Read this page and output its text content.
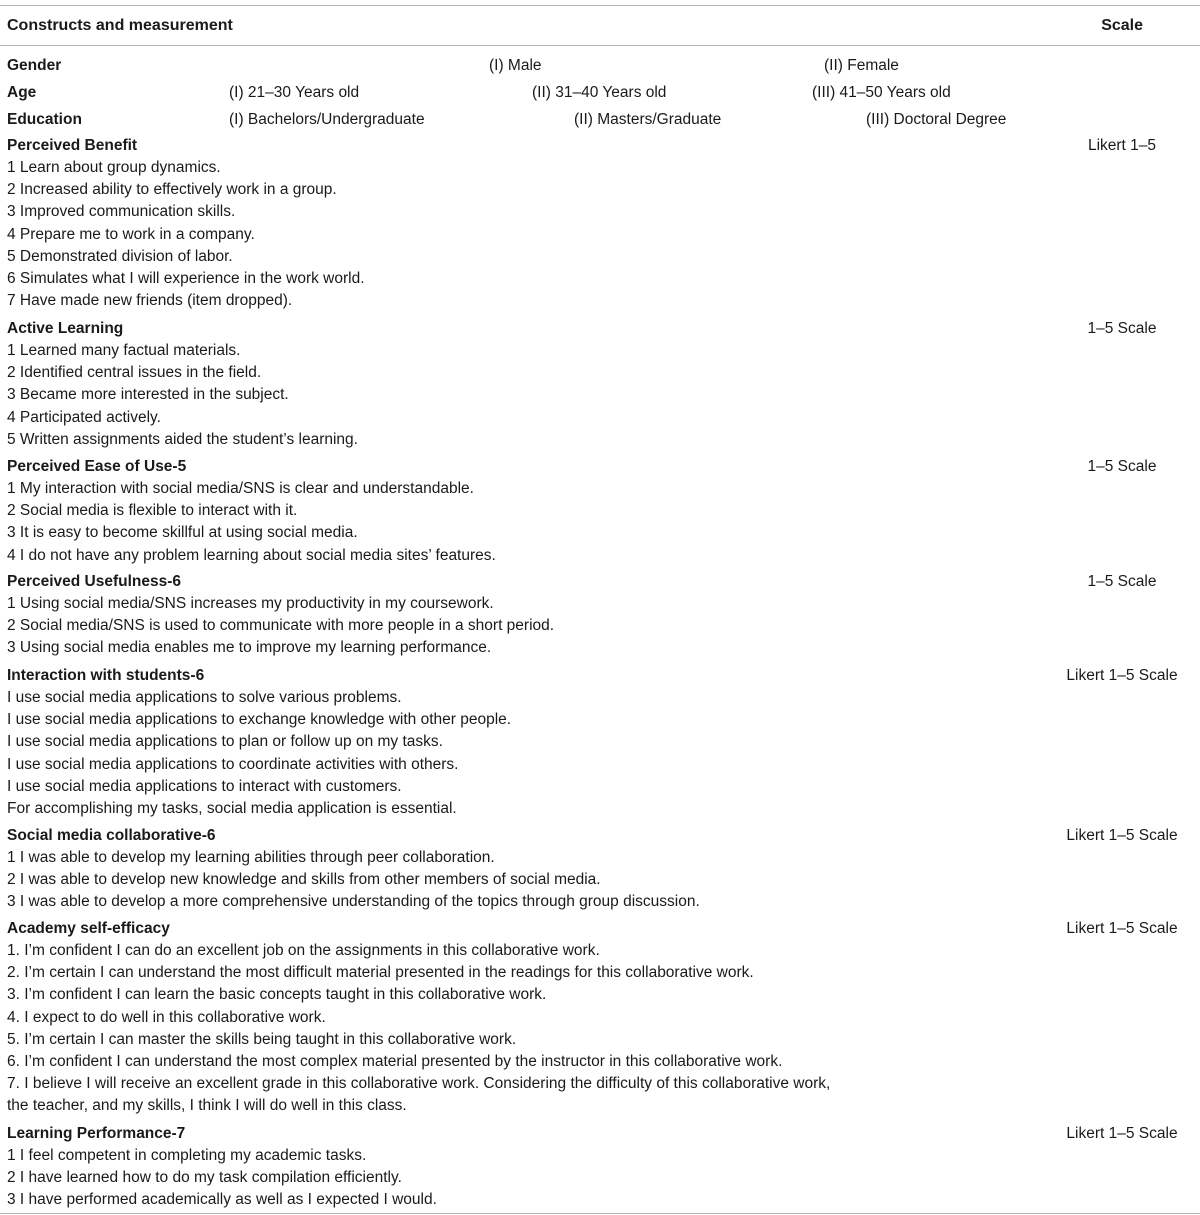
Constructs and measurement	Scale
Gender	(I) Male	(II) Female
Age	(I) 21–30 Years old	(II) 31–40 Years old	(III) 41–50 Years old
Education	(I) Bachelors/Undergraduate	(II) Masters/Graduate	(III) Doctoral Degree
Perceived Benefit	Likert 1–5
1 Learn about group dynamics.
2 Increased ability to effectively work in a group.
3 Improved communication skills.
4 Prepare me to work in a company.
5 Demonstrated division of labor.
6 Simulates what I will experience in the work world.
7 Have made new friends (item dropped).
Active Learning	1–5 Scale
1 Learned many factual materials.
2 Identified central issues in the field.
3 Became more interested in the subject.
4 Participated actively.
5 Written assignments aided the student’s learning.
Perceived Ease of Use-5	1–5 Scale
1 My interaction with social media/SNS is clear and understandable.
2 Social media is flexible to interact with it.
3 It is easy to become skillful at using social media.
4 I do not have any problem learning about social media sites’ features.
Perceived Usefulness-6	1–5 Scale
1 Using social media/SNS increases my productivity in my coursework.
2 Social media/SNS is used to communicate with more people in a short period.
3 Using social media enables me to improve my learning performance.
Interaction with students-6	Likert 1–5 Scale
I use social media applications to solve various problems.
I use social media applications to exchange knowledge with other people.
I use social media applications to plan or follow up on my tasks.
I use social media applications to coordinate activities with others.
I use social media applications to interact with customers.
For accomplishing my tasks, social media application is essential.
Social media collaborative-6	Likert 1–5 Scale
1 I was able to develop my learning abilities through peer collaboration.
2 I was able to develop new knowledge and skills from other members of social media.
3 I was able to develop a more comprehensive understanding of the topics through group discussion.
Academy self-efficacy	Likert 1–5 Scale
1. I’m confident I can do an excellent job on the assignments in this collaborative work.
2. I’m certain I can understand the most difficult material presented in the readings for this collaborative work.
3. I’m confident I can learn the basic concepts taught in this collaborative work.
4. I expect to do well in this collaborative work.
5. I’m certain I can master the skills being taught in this collaborative work.
6. I’m confident I can understand the most complex material presented by the instructor in this collaborative work.
7. I believe I will receive an excellent grade in this collaborative work. Considering the difficulty of this collaborative work,
the teacher, and my skills, I think I will do well in this class.
Learning Performance-7	Likert 1–5 Scale
1 I feel competent in completing my academic tasks.
2 I have learned how to do my task compilation efficiently.
3 I have performed academically as well as I expected I would.
